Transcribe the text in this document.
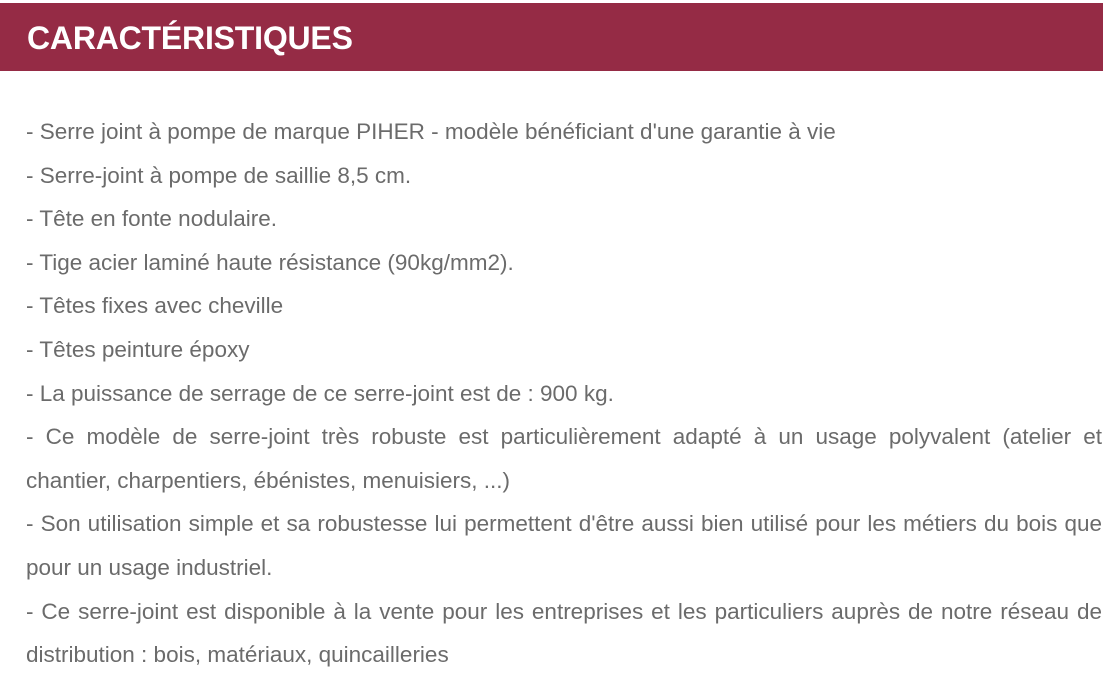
CARACTÉRISTIQUES
- Serre joint à pompe de marque PIHER - modèle bénéficiant d'une garantie à vie
- Serre-joint à pompe de saillie 8,5 cm.
- Tête en fonte nodulaire.
- Tige acier laminé haute résistance (90kg/mm2).
- Têtes fixes avec cheville
- Têtes peinture époxy
- La puissance de serrage de ce serre-joint est de : 900 kg.
- Ce modèle de serre-joint très robuste est particulièrement adapté à un usage polyvalent (atelier et chantier, charpentiers, ébénistes, menuisiers, ...)
- Son utilisation simple et sa robustesse lui permettent d'être aussi bien utilisé pour les métiers du bois que pour un usage industriel.
- Ce serre-joint est disponible à la vente pour les entreprises et les particuliers auprès de notre réseau de distribution : bois, matériaux, quincailleries
